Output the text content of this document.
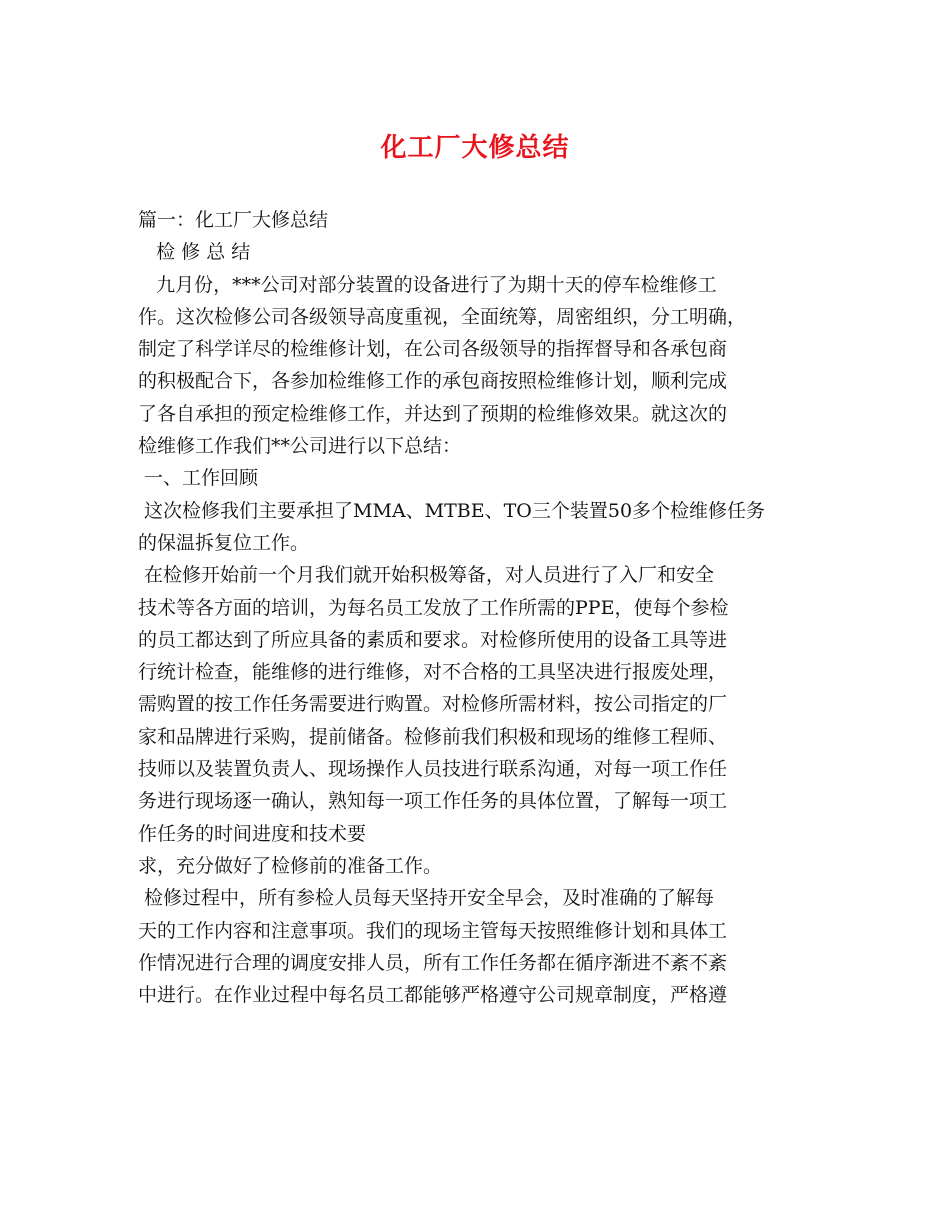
化工厂大修总结
篇一：化工厂大修总结
检 修 总 结
九月份，***公司对部分装置的设备进行了为期十天的停车检维修工
作。这次检修公司各级领导高度重视，全面统筹，周密组织，分工明确，
制定了科学详尽的检维修计划，在公司各级领导的指挥督导和各承包商
的积极配合下，各参加检维修工作的承包商按照检维修计划，顺利完成
了各自承担的预定检维修工作，并达到了预期的检维修效果。就这次的
检维修工作我们**公司进行以下总结：
一、工作回顾
这次检修我们主要承担了MMA、MTBE、TO三个装置50多个检维修任务
的保温拆复位工作。
在检修开始前一个月我们就开始积极筹备，对人员进行了入厂和安全
技术等各方面的培训，为每名员工发放了工作所需的PPE，使每个参检
的员工都达到了所应具备的素质和要求。对检修所使用的设备工具等进
行统计检查，能维修的进行维修，对不合格的工具坚决进行报废处理，
需购置的按工作任务需要进行购置。对检修所需材料，按公司指定的厂
家和品牌进行采购，提前储备。检修前我们积极和现场的维修工程师、
技师以及装置负责人、现场操作人员技进行联系沟通，对每一项工作任
务进行现场逐一确认，熟知每一项工作任务的具体位置，了解每一项工
作任务的时间进度和技术要
求，充分做好了检修前的准备工作。
检修过程中，所有参检人员每天坚持开安全早会，及时准确的了解每
天的工作内容和注意事项。我们的现场主管每天按照维修计划和具体工
作情况进行合理的调度安排人员，所有工作任务都在循序渐进不紊不紊
中进行。在作业过程中每名员工都能够严格遵守公司规章制度，严格遵
